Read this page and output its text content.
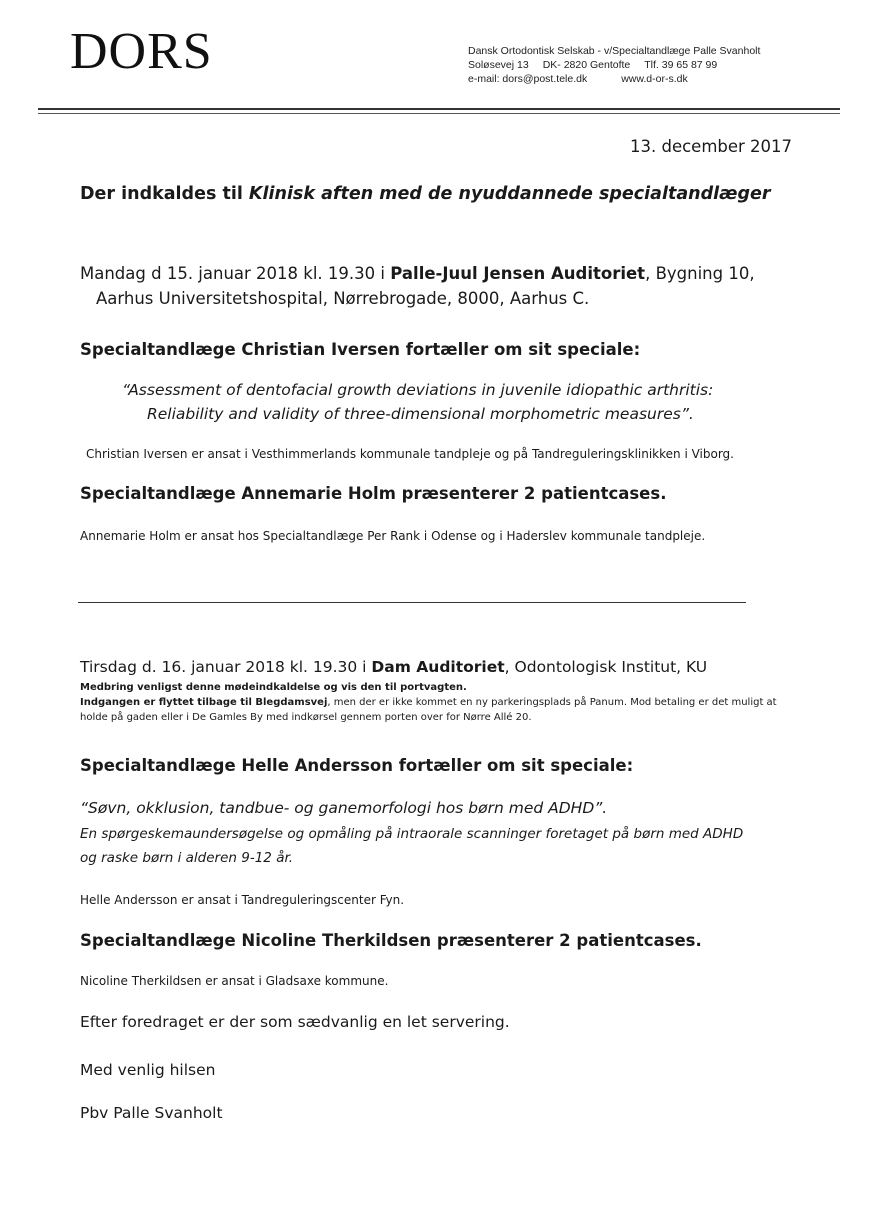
DORS	Dansk Ortodontisk Selskab - v/Specialtandlæge Palle Svanholt
Soløsevej 13 DK- 2820 Gentofte Tlf. 39 65 87 99
e-mail: dors@post.tele.dk	www.d-or-s.dk
13. december 2017
Der indkaldes til Klinisk aften med de nyuddannede specialtandlæger
Mandag d 15. januar 2018 kl. 19.30 i Palle-Juul Jensen Auditoriet, Bygning 10,
Aarhus Universitetshospital, Nørrebrogade, 8000, Aarhus C.
Specialtandlæge Christian Iversen fortæller om sit speciale:
“Assessment of dentofacial growth deviations in juvenile idiopathic arthritis:
Reliability and validity of three-dimensional morphometric measures”.
Christian Iversen er ansat i Vesthimmerlands kommunale tandpleje og på Tandreguleringsklinikken i Viborg.
Specialtandlæge Annemarie Holm præsenterer 2 patientcases.
Annemarie Holm er ansat hos Specialtandlæge Per Rank i Odense og i Haderslev kommunale tandpleje.
Tirsdag d. 16. januar 2018 kl. 19.30 i Dam Auditoriet, Odontologisk Institut, KU
Medbring venligst denne mødeindkaldelse og vis den til portvagten.
Indgangen er flyttet tilbage til Blegdamsvej, men der er ikke kommet en ny parkeringsplads på Panum. Mod betaling er det muligt at
holde på gaden eller i De Gamles By med indkørsel gennem porten over for Nørre Allé 20.
Specialtandlæge Helle Andersson fortæller om sit speciale:
“Søvn, okklusion, tandbue- og ganemorfologi hos børn med ADHD”.
En spørgeskemaundersøgelse og opmåling på intraorale scanninger foretaget på børn med ADHD
og raske børn i alderen 9-12 år.
Helle Andersson er ansat i Tandreguleringscenter Fyn.
Specialtandlæge Nicoline Therkildsen præsenterer 2 patientcases.
Nicoline Therkildsen er ansat i Gladsaxe kommune.
Efter foredraget er der som sædvanlig en let servering.
Med venlig hilsen
Pbv Palle Svanholt
